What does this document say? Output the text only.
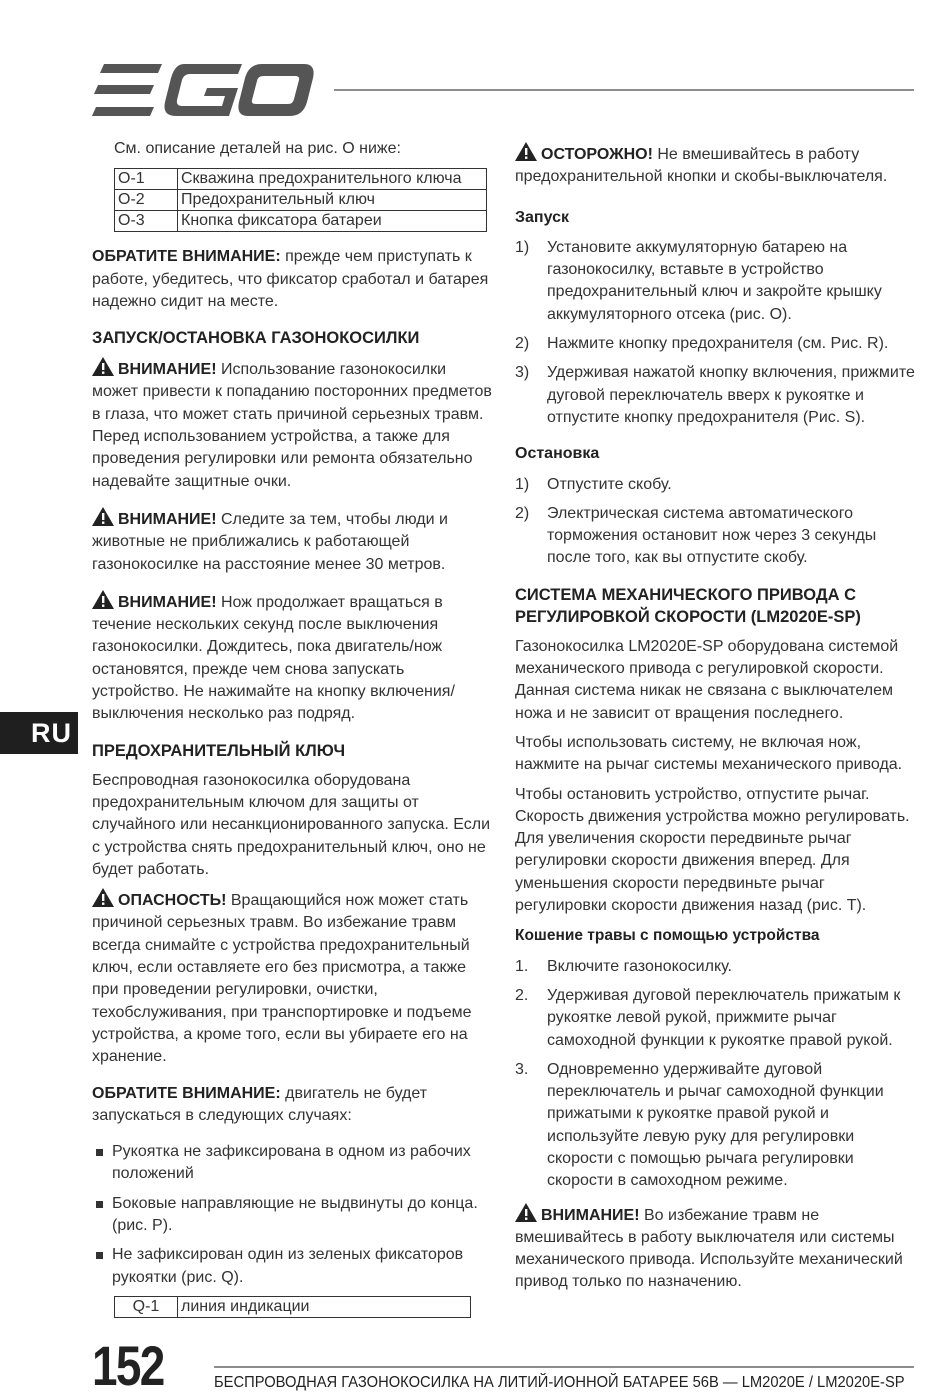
См. описание деталей на рис. О ниже:

O-1	Скважина предохранительного ключа
O-2	Предохранительный ключ
O-3	Кнопка фиксатора батареи

ОБРАТИТЕ ВНИМАНИЕ: прежде чем приступать к работе, убедитесь, что фиксатор сработал и батарея надежно сидит на месте.

ЗАПУСК/ОСТАНОВКА ГАЗОНОКОСИЛКИ

ВНИМАНИЕ! Использование газонокосилки может привести к попаданию посторонних предметов в глаза, что может стать причиной серьезных травм. Перед использованием устройства, а также для проведения регулировки или ремонта обязательно надевайте защитные очки.

ВНИМАНИЕ! Следите за тем, чтобы люди и животные не приближались к работающей газонокосилке на расстояние менее 30 метров.

ВНИМАНИЕ! Нож продолжает вращаться в течение нескольких секунд после выключения газонокосилки. Дождитесь, пока двигатель/нож остановятся, прежде чем снова запускать устройство. Не нажимайте на кнопку включения/выключения несколько раз подряд.

ПРЕДОХРАНИТЕЛЬНЫЙ КЛЮЧ

Беспроводная газонокосилка оборудована предохранительным ключом для защиты от случайного или несанкционированного запуска. Если с устройства снять предохранительный ключ, оно не будет работать.

ОПАСНОСТЬ! Вращающийся нож может стать причиной серьезных травм. Во избежание травм всегда снимайте с устройства предохранительный ключ, если оставляете его без присмотра, а также при проведении регулировки, очистки, техобслуживания, при транспортировке и подъеме устройства, а кроме того, если вы убираете его на хранение.

ОБРАТИТЕ ВНИМАНИЕ: двигатель не будет запускаться в следующих случаях:

Рукоятка не зафиксирована в одном из рабочих положений
Боковые направляющие не выдвинуты до конца. (рис. P).
Не зафиксирован один из зеленых фиксаторов рукоятки (рис. Q).
Q-1	линия индикации

ОСТОРОЖНО! Не вмешивайтесь в работу предохранительной кнопки и скобы-выключателя.

Запуск

1)	Установите аккумуляторную батарею на газонокосилку, вставьте в устройство предохранительный ключ и закройте крышку аккумуляторного отсека (рис. O).
2)	Нажмите кнопку предохранителя (см. Рис. R).
3)	Удерживая нажатой кнопку включения, прижмите дуговой переключатель вверх к рукоятке и отпустите кнопку предохранителя (Рис. S).

Остановка

1)	Отпустите скобу.
2)	Электрическая система автоматического торможения остановит нож через 3 секунды после того, как вы отпустите скобу.

СИСТЕМА МЕХАНИЧЕСКОГО ПРИВОДА С РЕГУЛИРОВКОЙ СКОРОСТИ (LM2020E-SP)

Газонокосилка LM2020E-SP оборудована системой механического привода с регулировкой скорости. Данная система никак не связана с выключателем ножа и не зависит от вращения последнего.

Чтобы использовать систему, не включая нож, нажмите на рычаг системы механического привода.

Чтобы остановить устройство, отпустите рычаг. Скорость движения устройства можно регулировать. Для увеличения скорости передвиньте рычаг регулировки скорости движения вперед. Для уменьшения скорости передвиньте рычаг регулировки скорости движения назад (рис. T).

Кошение травы с помощью устройства

1.	Включите газонокосилку.
2.	Удерживая дуговой переключатель прижатым к рукоятке левой рукой, прижмите рычаг самоходной функции к рукоятке правой рукой.
3.	Одновременно удерживайте дуговой переключатель и рычаг самоходной функции прижатыми к рукоятке правой рукой и используйте левую руку для регулировки скорости с помощью рычага регулировки скорости в самоходном режиме.

ВНИМАНИЕ! Во избежание травм не вмешивайтесь в работу выключателя или системы механического привода. Используйте механический привод только по назначению.

RU
152	БЕСПРОВОДНАЯ ГАЗОНОКОСИЛКА НА ЛИТИЙ-ИОННОЙ БАТАРЕЕ 56В — LM2020E / LM2020E-SP
